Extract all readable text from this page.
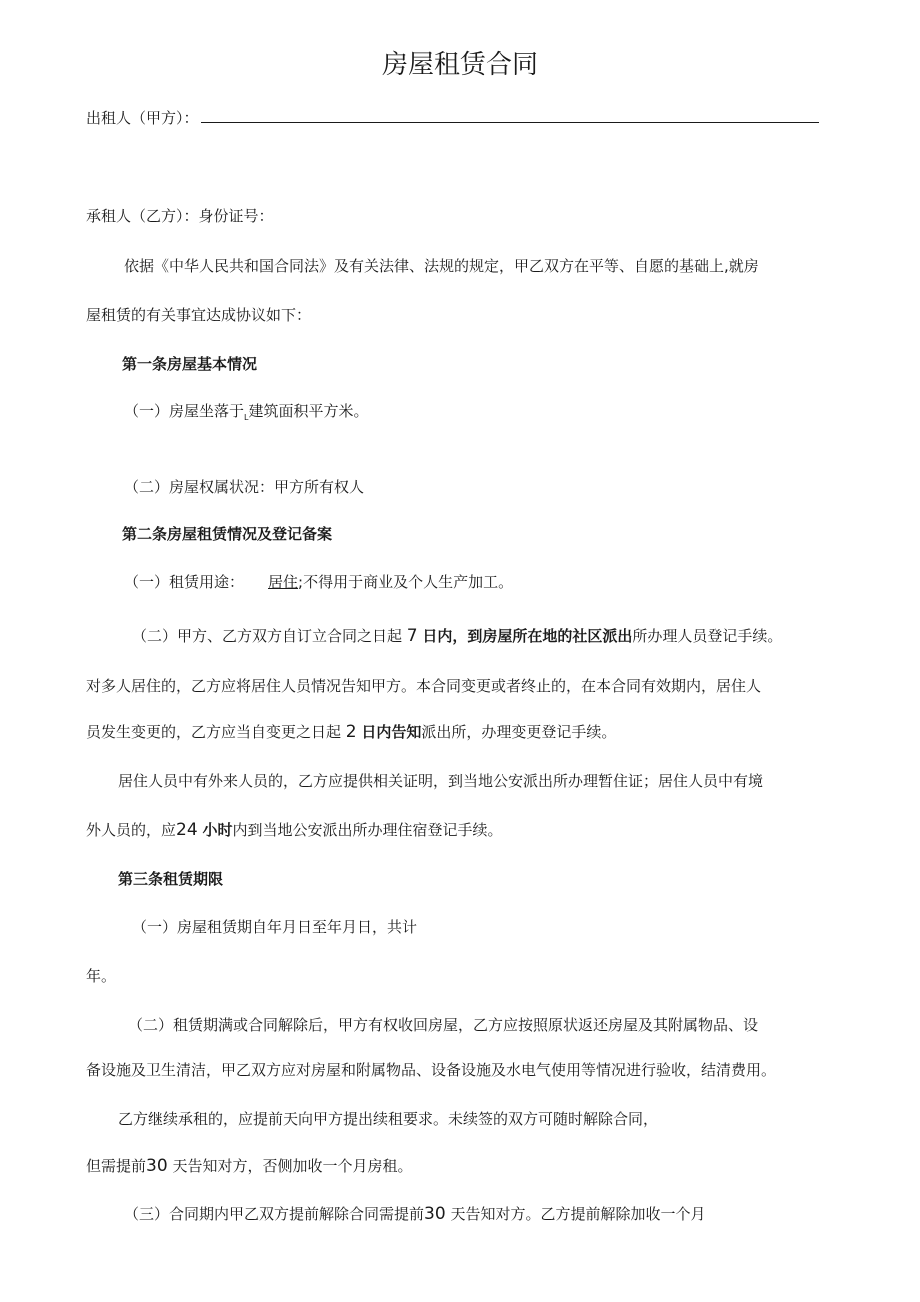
房屋租赁合同
出租人（甲方）：
承租人（乙方）：身份证号：
依据《中华人民共和国合同法》及有关法律、法规的规定，甲乙双方在平等、自愿的基础上,就房
屋租赁的有关事宜达成协议如下：
第一条房屋基本情况
（一）房屋坐落于$_L$建筑面积平方米。
（二）房屋权属状况：甲方所有权人
第二条房屋租赁情况及登记备案
（一）租赁用途： 居住;不得用于商业及个人生产加工。
（二）甲方、乙方双方自订立合同之日起 7 日内，到房屋所在地的社区派出所办理人员登记手续。
对多人居住的，乙方应将居住人员情况告知甲方。本合同变更或者终止的，在本合同有效期内，居住人
员发生变更的，乙方应当自变更之日起 2 日内告知派出所，办理变更登记手续。
居住人员中有外来人员的，乙方应提供相关证明，到当地公安派出所办理暂住证；居住人员中有境
外人员的，应24 小时内到当地公安派出所办理住宿登记手续。
第三条租赁期限
（一）房屋租赁期自年月日至年月日，共计
年。
（二）租赁期满或合同解除后，甲方有权收回房屋，乙方应按照原状返还房屋及其附属物品、设
备设施及卫生清洁，甲乙双方应对房屋和附属物品、设备设施及水电气使用等情况进行验收，结清费用。
乙方继续承租的，应提前天向甲方提出续租要求。未续签的双方可随时解除合同，
但需提前30 天告知对方，否侧加收一个月房租。
（三）合同期内甲乙双方提前解除合同需提前30 天告知对方。乙方提前解除加收一个月
